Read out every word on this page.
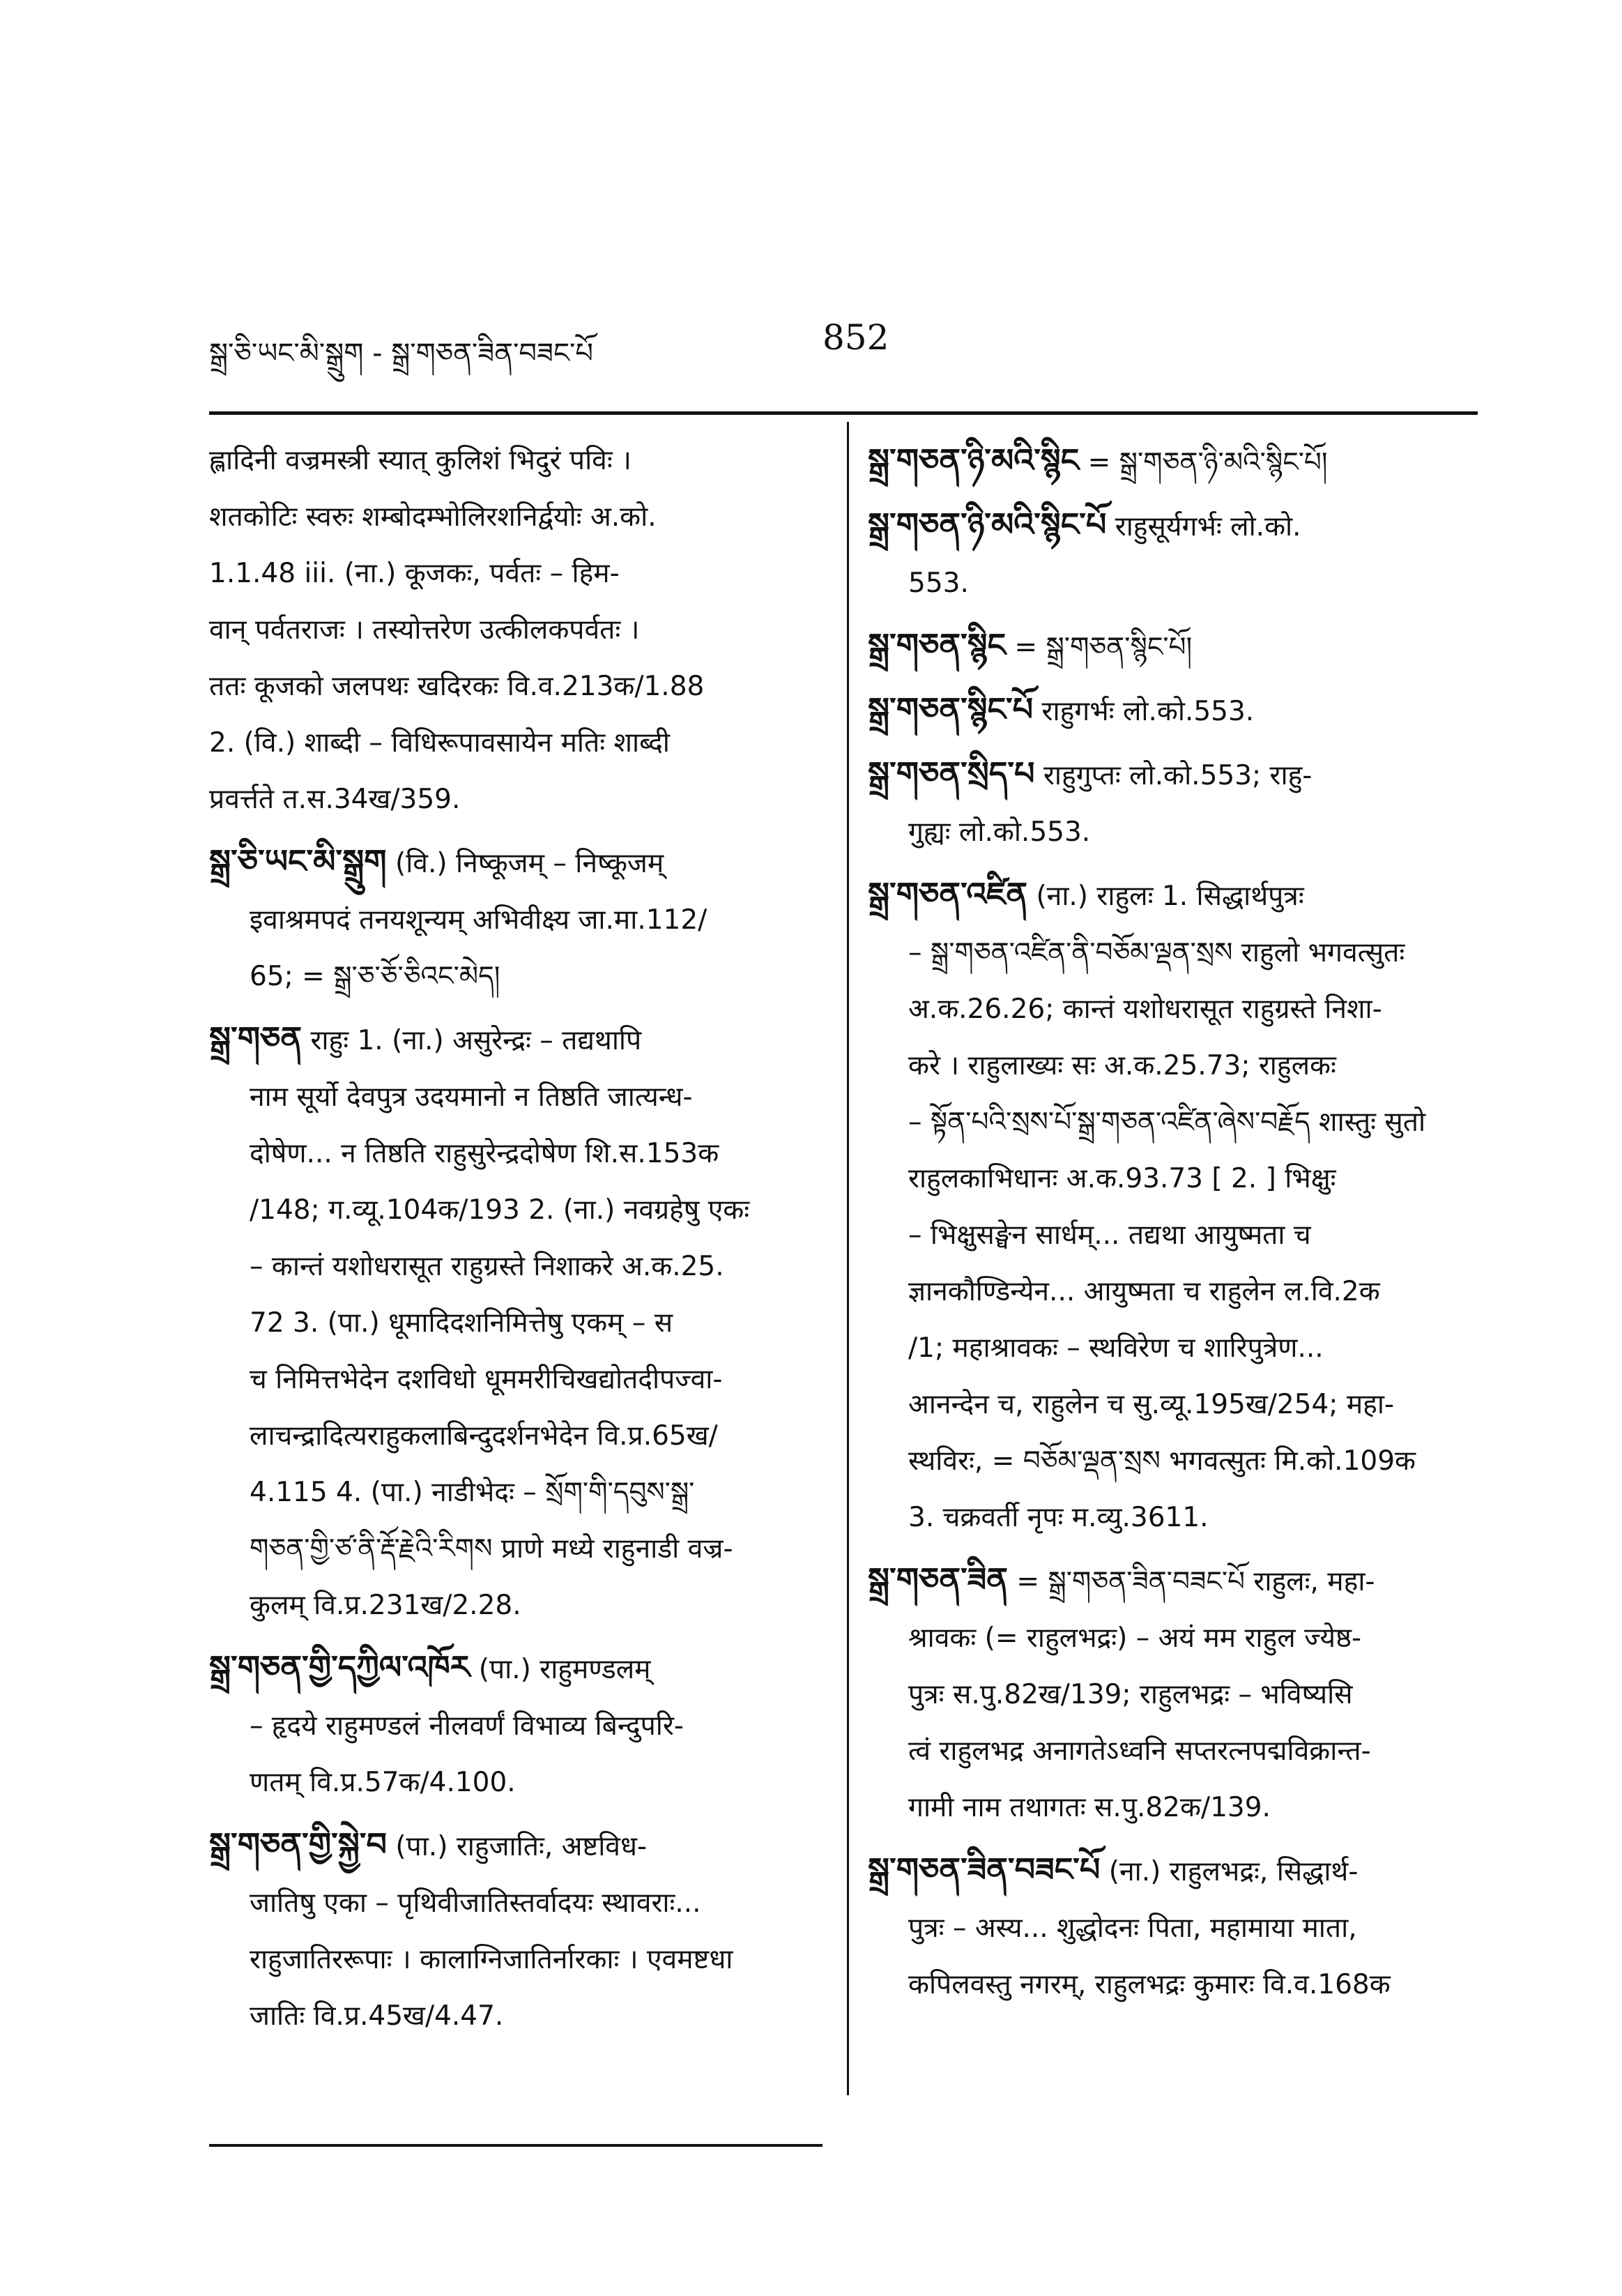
སྒྲ་ཅི་ཡང་མི་སྒྲུག - སྒྲ་གཅན་ཟིན་བཟང་པོ	852
ह्लादिनी वज्रमस्त्री स्यात् कुलिशं भिदुरं पविः ।
शतकोटिः स्वरुः शम्बोदम्भोलिरशनिर्द्वयोः अ.को.
1.1.48 iii. (ना.) कूजकः, पर्वतः – हिम-
वान् पर्वतराजः । तस्योत्तरेण उत्कीलकपर्वतः ।
ततः कूजको जलपथः खदिरकः वि.व.213क/1.88
2. (वि.) शाब्दी – विधिरूपावसायेन मतिः शाब्दी
प्रवर्त्तते त.स.34ख/359.
སྒྲ་ཅི་ཡང་མི་སྒྲུག (वि.) निष्कूजम् – निष्कूजम्
इवाश्रमपदं तनयशून्यम् अभिवीक्ष्य जा.मा.112/
65; = སྒྲ་ཅ་ཅོ་ཅིའང་མེད།
སྒྲ་གཅན राहुः 1. (ना.) असुरेन्द्रः – तद्यथापि
नाम सूर्यो देवपुत्र उदयमानो न तिष्ठति जात्यन्ध-
दोषेण... न तिष्ठति राहुसुरेन्द्रदोषेण शि.स.153क
/148; ग.व्यू.104क/193 2. (ना.) नवग्रहेषु एकः
– कान्तं यशोधरासूत राहुग्रस्ते निशाकरे अ.क.25.
72 3. (पा.) धूमादिदशनिमित्तेषु एकम् – स
च निमित्तभेदेन दशविधो धूममरीचिखद्योतदीपज्वा-
लाचन्द्रादित्यराहुकलाबिन्दुदर्शनभेदेन वि.प्र.65ख/
4.115 4. (पा.) नाडीभेदः – སྲོག་གི་དབུས་སྒྲ་
གཅན་གྱི་ཙ་ནི་རྡོ་རྗེའི་རིགས प्राणे मध्ये राहुनाडी वज्र-
कुलम् वि.प्र.231ख/2.28.
སྒྲ་གཅན་གྱི་དཀྱིལ་འཁོར (पा.) राहुमण्डलम्
– हृदये राहुमण्डलं नीलवर्णं विभाव्य बिन्दुपरि-
णतम् वि.प्र.57क/4.100.
སྒྲ་གཅན་གྱི་སྐྱེ་བ (पा.) राहुजातिः, अष्टविध-
जातिषु एका – पृथिवीजातिस्तर्वादयः स्थावराः...
राहुजातिररूपाः । कालाग्निजातिर्नारकाः । एवमष्टधा
जातिः वि.प्र.45ख/4.47.
སྒྲ་གཅན་ཉི་མའི་སྙིང = སྒྲ་གཅན་ཉི་མའི་སྙིང་པོ།
སྒྲ་གཅན་ཉི་མའི་སྙིང་པོ राहुसूर्यगर्भः लो.को.
553.
སྒྲ་གཅན་སྙིང = སྒྲ་གཅན་སྙིང་པོ།
སྒྲ་གཅན་སྙིང་པོ राहुगर्भः लो.को.553.
སྒྲ་གཅན་སྲིད་པ राहुगुप्तः लो.को.553; राहु-
गुह्यः लो.को.553.
སྒྲ་གཅན་འཛིན (ना.) राहुलः 1. सिद्धार्थपुत्रः
– སྒྲ་གཅན་འཛིན་ནི་བཅོམ་ལྡན་སྲས राहुलो भगवत्सुतः
अ.क.26.26; कान्तं यशोधरासूत राहुग्रस्ते निशा-
करे । राहुलाख्यः सः अ.क.25.73; राहुलकः
– སྟོན་པའི་སྲས་པོ་སྒྲ་གཅན་འཛིན་ཞེས་བརྗོད शास्तुः सुतो
राहुलकाभिधानः अ.क.93.73 [ 2. ] भिक्षुः
– भिक्षुसङ्घेन सार्धम्... तद्यथा आयुष्मता च
ज्ञानकौण्डिन्येन... आयुष्मता च राहुलेन ल.वि.2क
/1; महाश्रावकः – स्थविरेण च शारिपुत्रेण...
आनन्देन च, राहुलेन च सु.व्यू.195ख/254; महा-
स्थविरः, = བཅོམ་ལྡན་སྲས भगवत्सुतः मि.को.109क
3. चक्रवर्ती नृपः म.व्यु.3611.
སྒྲ་གཅན་ཟིན = སྒྲ་གཅན་ཟིན་བཟང་པོ राहुलः, महा-
श्रावकः (= राहुलभद्रः) – अयं मम राहुल ज्येष्ठ-
पुत्रः स.पु.82ख/139; राहुलभद्रः – भविष्यसि
त्वं राहुलभद्र अनागतेऽध्वनि सप्तरत्नपद्मविक्रान्त-
गामी नाम तथागतः स.पु.82क/139.
སྒྲ་གཅན་ཟིན་བཟང་པོ (ना.) राहुलभद्रः, सिद्धार्थ-
पुत्रः – अस्य... शुद्धोदनः पिता, महामाया माता,
कपिलवस्तु नगरम्, राहुलभद्रः कुमारः वि.व.168क
